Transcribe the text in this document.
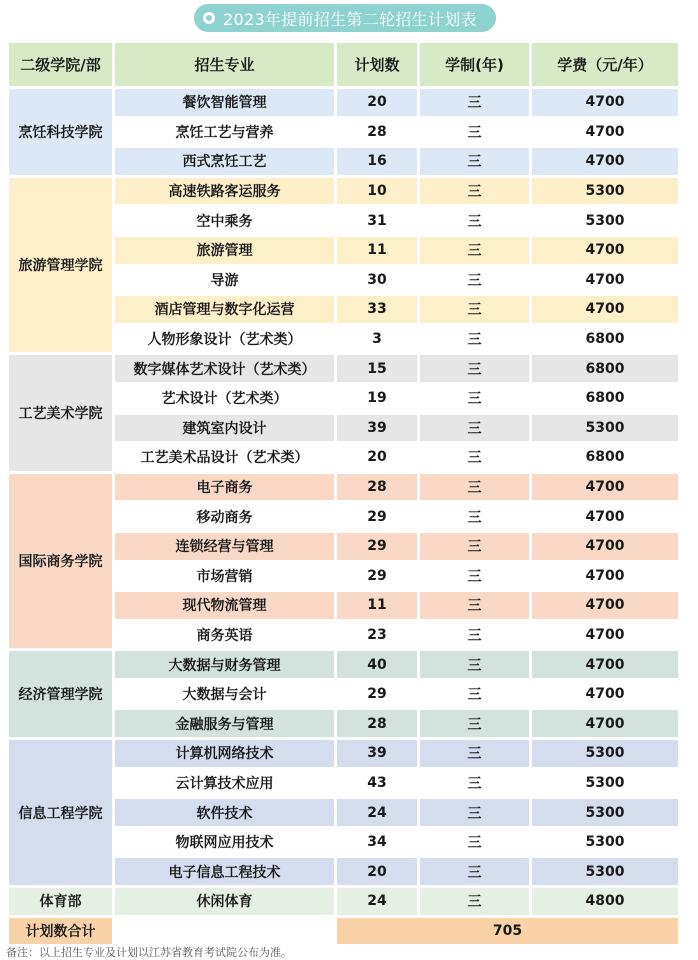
2023年提前招生第二轮招生计划表
二级学院/部	招生专业	计划数	学制(年)	学费（元/年）
烹饪科技学院	餐饮智能管理	20	三	4700
	烹饪工艺与营养	28	三	4700
	西式烹饪工艺	16	三	4700
旅游管理学院	高速铁路客运服务	10	三	5300
	空中乘务	31	三	5300
	旅游管理	11	三	4700
	导游	30	三	4700
	酒店管理与数字化运营	33	三	4700
	人物形象设计（艺术类）	3	三	6800
工艺美术学院	数字媒体艺术设计（艺术类）	15	三	6800
	艺术设计（艺术类）	19	三	6800
	建筑室内设计	39	三	5300
	工艺美术品设计（艺术类）	20	三	6800
国际商务学院	电子商务	28	三	4700
	移动商务	29	三	4700
	连锁经营与管理	29	三	4700
	市场营销	29	三	4700
	现代物流管理	11	三	4700
	商务英语	23	三	4700
经济管理学院	大数据与财务管理	40	三	4700
	大数据与会计	29	三	4700
	金融服务与管理	28	三	4700
信息工程学院	计算机网络技术	39	三	5300
	云计算技术应用	43	三	5300
	软件技术	24	三	5300
	物联网应用技术	34	三	5300
	电子信息工程技术	20	三	5300
体育部	休闲体育	24	三	4800
计划数合计		705		
备注：以上招生专业及计划以江苏省教育考试院公布为准。
